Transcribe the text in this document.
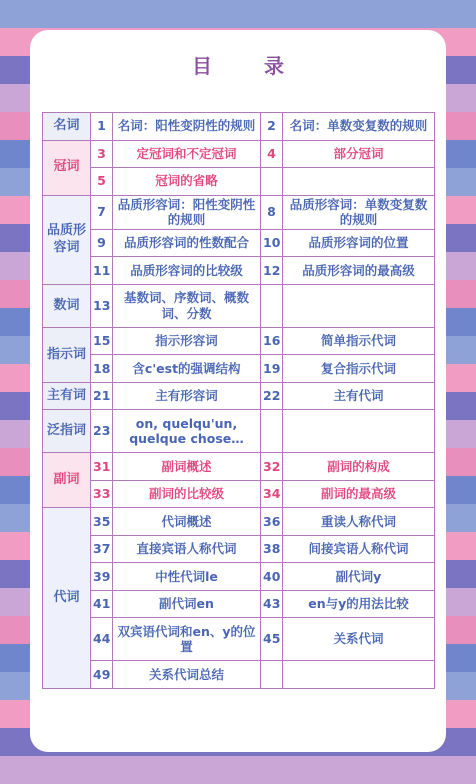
目　录
名词	1	名词：阳性变阴性的规则	2	名词：单数变复数的规则
冠词	3	定冠词和不定冠词	4	部分冠词
	5	冠词的省略		
品质形容词	7	品质形容词：阳性变阴性的规则	8	品质形容词：单数变复数的规则
	9	品质形容词的性数配合	10	品质形容词的位置
	11	品质形容词的比较级	12	品质形容词的最高级
数词	13	基数词、序数词、概数词、分数		
指示词	15	指示形容词	16	简单指示代词
	18	含c'est的强调结构	19	复合指示代词
主有词	21	主有形容词	22	主有代词
泛指词	23	on, quelqu'un, quelque chose…		
副词	31	副词概述	32	副词的构成
	33	副词的比较级	34	副词的最高级
代词	35	代词概述	36	重读人称代词
	37	直接宾语人称代词	38	间接宾语人称代词
	39	中性代词le	40	副代词y
	41	副代词en	43	en与y的用法比较
	44	双宾语代词和en、y的位置	45	关系代词
	49	关系代词总结		
